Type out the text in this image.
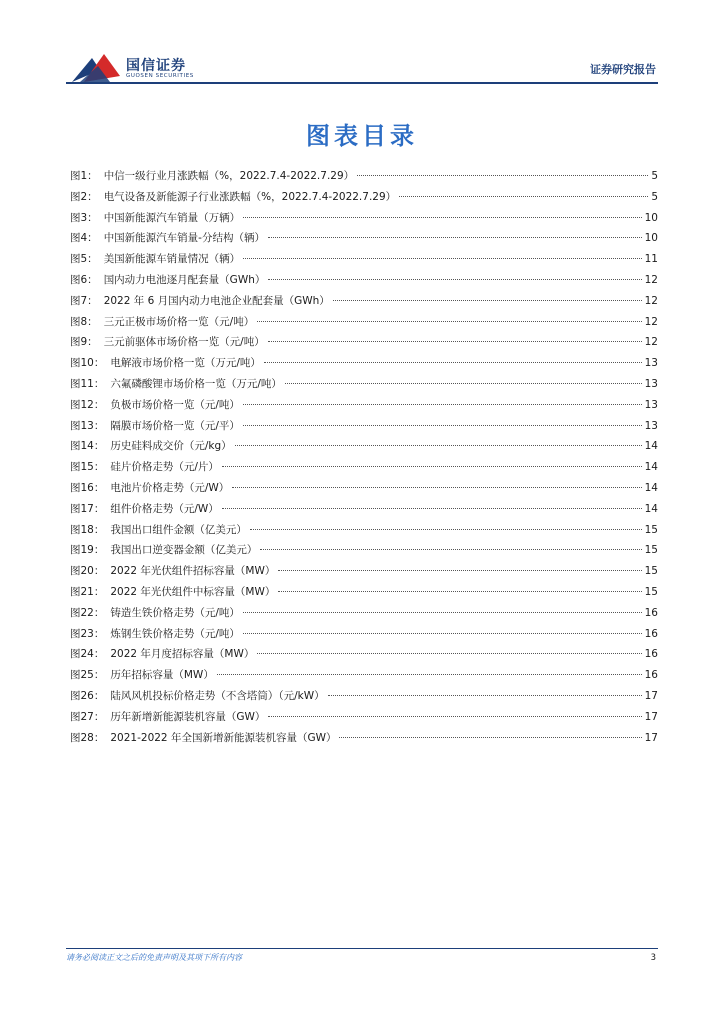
国信证券
GUOSEN SECURITIES	证券研究报告
图表目录
图1： 中信一级行业月涨跌幅（%，2022.7.4-2022.7.29）	5
图2： 电气设备及新能源子行业涨跌幅（%，2022.7.4-2022.7.29）	5
图3： 中国新能源汽车销量（万辆）	10
图4： 中国新能源汽车销量-分结构（辆）	10
图5： 美国新能源车销量情况（辆）	11
图6： 国内动力电池逐月配套量（GWh）	12
图7： 2022 年 6 月国内动力电池企业配套量（GWh）	12
图8： 三元正极市场价格一览（元/吨）	12
图9： 三元前驱体市场价格一览（元/吨）	12
图10： 电解液市场价格一览（万元/吨）	13
图11： 六氟磷酸锂市场价格一览（万元/吨）	13
图12： 负极市场价格一览（元/吨）	13
图13： 隔膜市场价格一览（元/平）	13
图14： 历史硅料成交价（元/kg）	14
图15： 硅片价格走势（元/片）	14
图16： 电池片价格走势（元/W）	14
图17： 组件价格走势（元/W）	14
图18： 我国出口组件金额（亿美元）	15
图19： 我国出口逆变器金额（亿美元）	15
图20： 2022 年光伏组件招标容量（MW）	15
图21： 2022 年光伏组件中标容量（MW）	15
图22： 铸造生铁价格走势（元/吨）	16
图23： 炼钢生铁价格走势（元/吨）	16
图24： 2022 年月度招标容量（MW）	16
图25： 历年招标容量（MW）	16
图26： 陆风风机投标价格走势（不含塔筒）（元/kW）	17
图27： 历年新增新能源装机容量（GW）	17
图28： 2021-2022 年全国新增新能源装机容量（GW）	17
请务必阅读正文之后的免责声明及其项下所有内容	3
